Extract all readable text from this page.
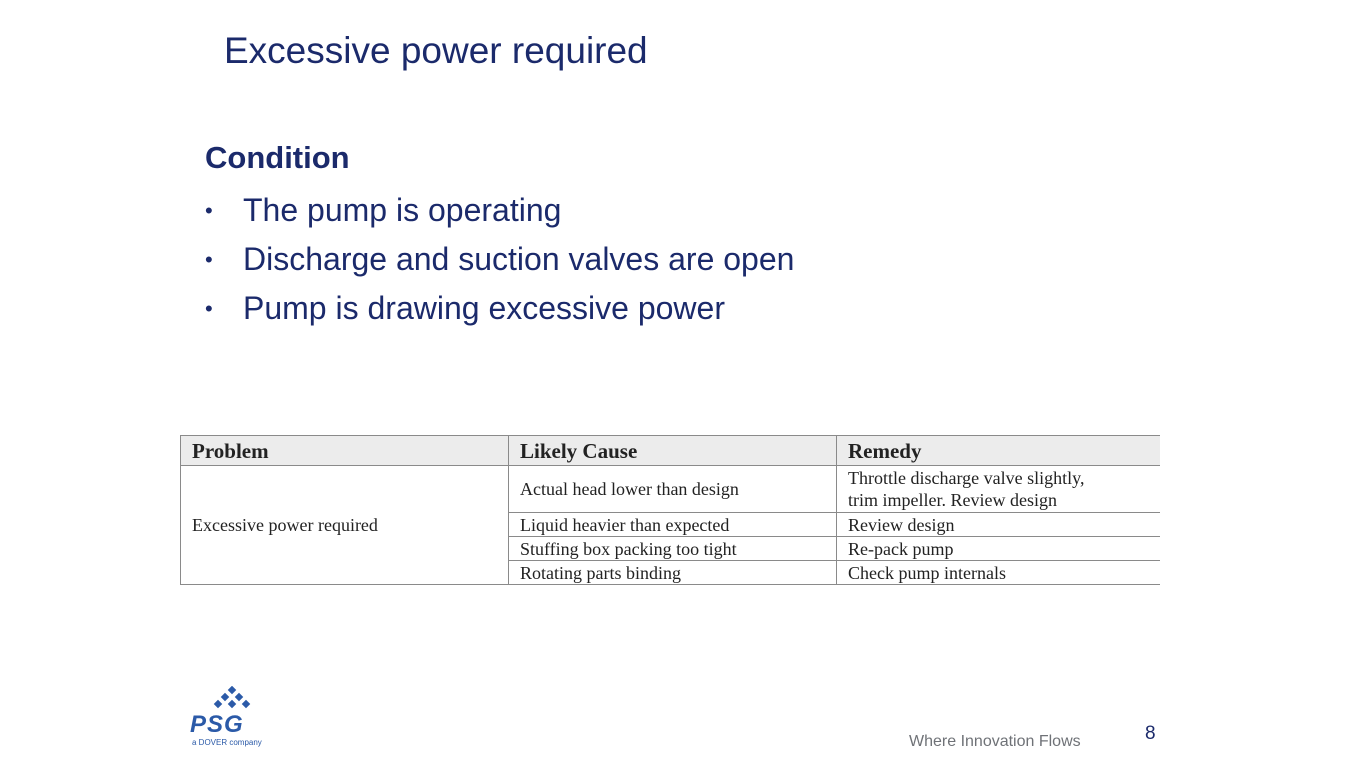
Excessive power required
Condition
• The pump is operating
• Discharge and suction valves are open
• Pump is drawing excessive power
Problem	Likely Cause	Remedy
Excessive power required	Actual head lower than design	Throttle discharge valve slightly,
trim impeller. Review design

	Liquid heavier than expected	Review design
	Stuffing box packing too tight	Re-pack pump
	Rotating parts binding	Check pump internals
PSG
a DOVER company	Where Innovation Flows	8
